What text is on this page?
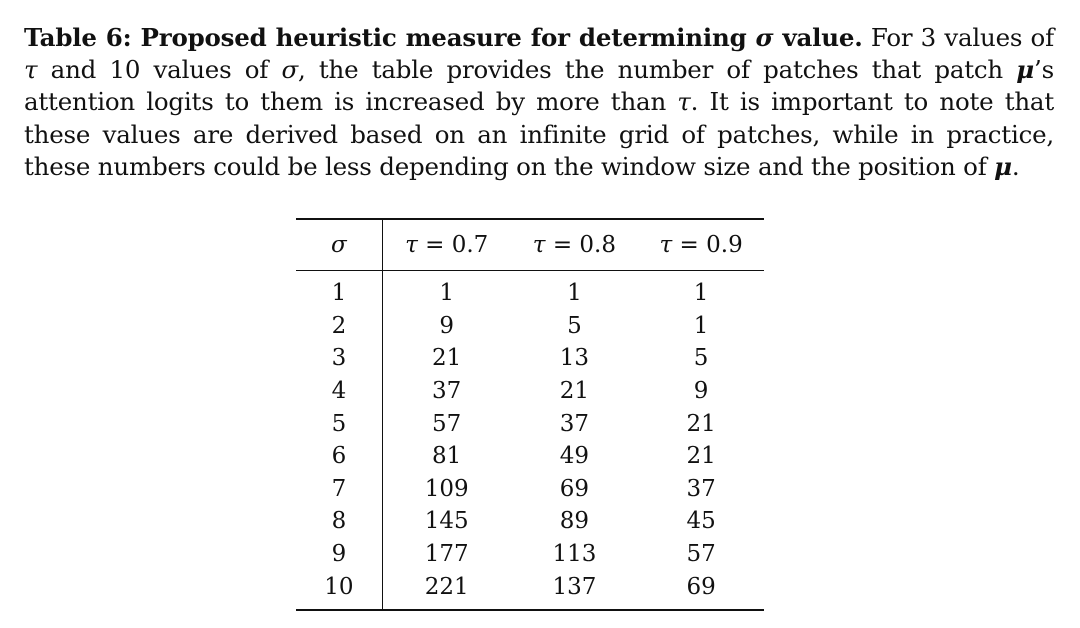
Table 6: Proposed heuristic measure for determining σ value. For 3 values of τ and 10 values of σ, the table provides the number of patches that patch μ’s attention logits to them is increased by more than τ. It is important to note that these values are derived based on an infinite grid of patches, while in practice, these numbers could be less depending on the window size and the position of μ.
σ	τ = 0.7	τ = 0.8	τ = 0.9
1	1	1	1
2	9	5	1
3	21	13	5
4	37	21	9
5	57	37	21
6	81	49	21
7	109	69	37
8	145	89	45
9	177	113	57
10	221	137	69
